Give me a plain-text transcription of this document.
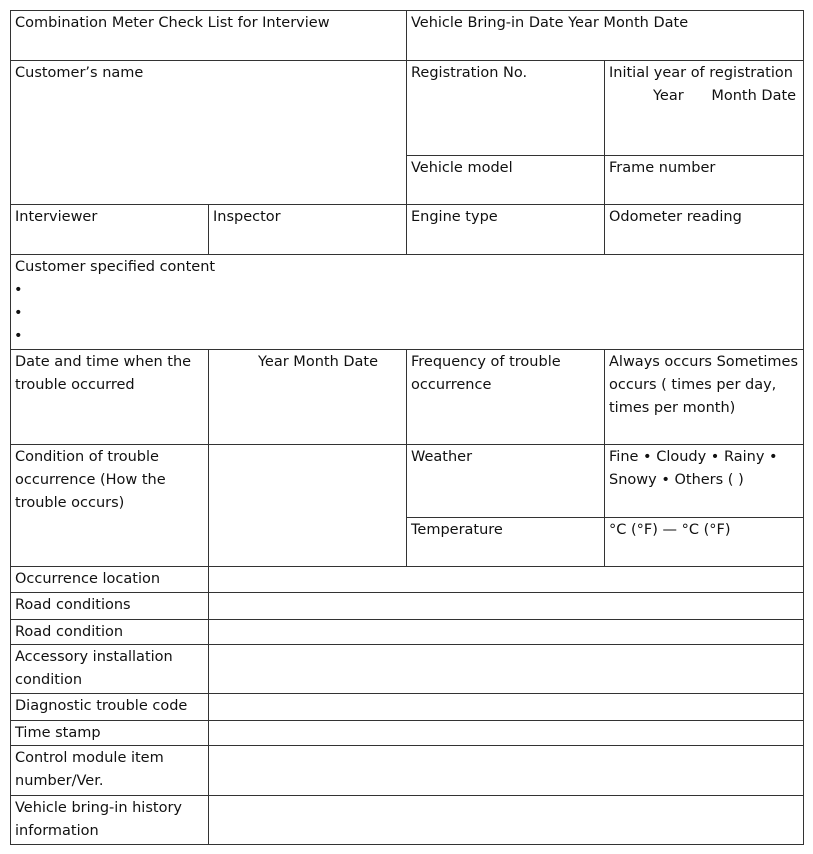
Combination Meter Check List for Interview		Vehicle Bring-in Date Year Month Date	
Customer’s name		Registration No.	Initial year of registration
Year      Month Date

		Vehicle model	Frame number
Interviewer	Inspector	Engine type	Odometer reading

Customer specified content
•
•
•			

Date and time when the trouble occurred	Year Month Date	Frequency of trouble occurrence	Always occurs Sometimes occurs ( times per day, times per month)
Condition of trouble occurrence (How the trouble occurs)		Weather	Fine • Cloudy • Rainy • Snowy • Others ( )
		Temperature	°C (°F) — °C (°F)
Occurrence location			
Road conditions			
Road condition			
Accessory installation condition			
Diagnostic trouble code			
Time stamp			
Control module item number/Ver.			
Vehicle bring-in history information			
